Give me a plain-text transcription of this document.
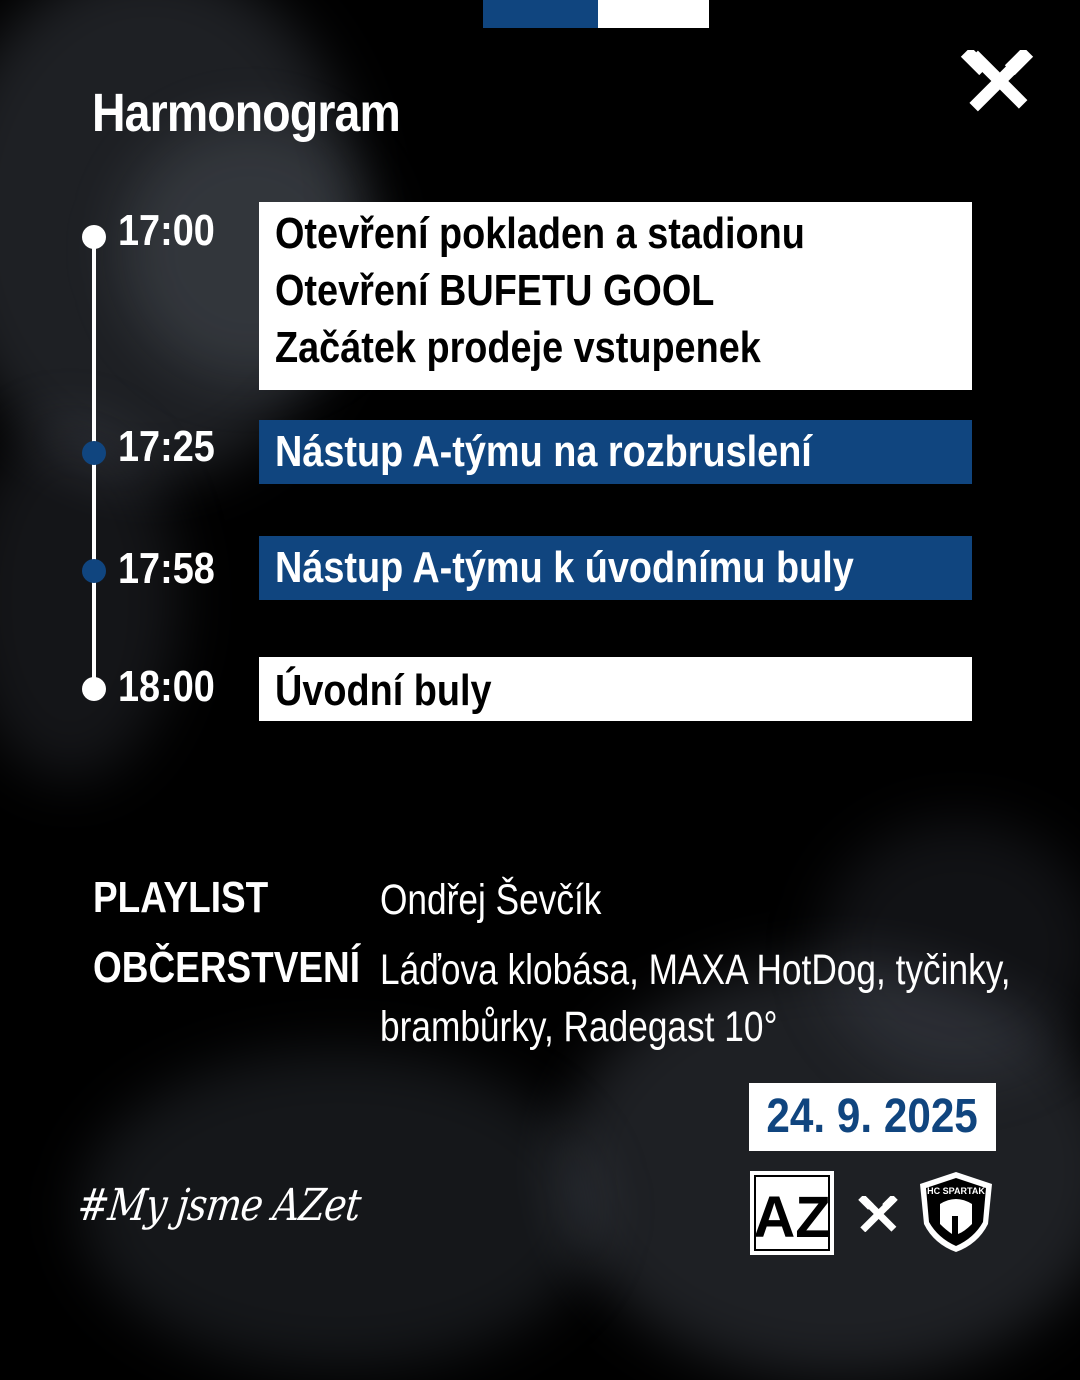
Harmonogram
17:00 Otevření pokladen a stadionu
Otevření BUFETU GOOL
Začátek prodeje vstupenek
17:25 Nástup A-týmu na rozbruslení
17:58 Nástup A-týmu k úvodnímu buly
18:00 Úvodní buly
PLAYLIST	Ondřej Ševčík
OBČERSTVENÍ Láďova klobása, MAXA HotDog, tyčinky,
brambůrky, Radegast 10°
24. 9. 2025
#My jsme AZet	AZ	HC SPARTAK
